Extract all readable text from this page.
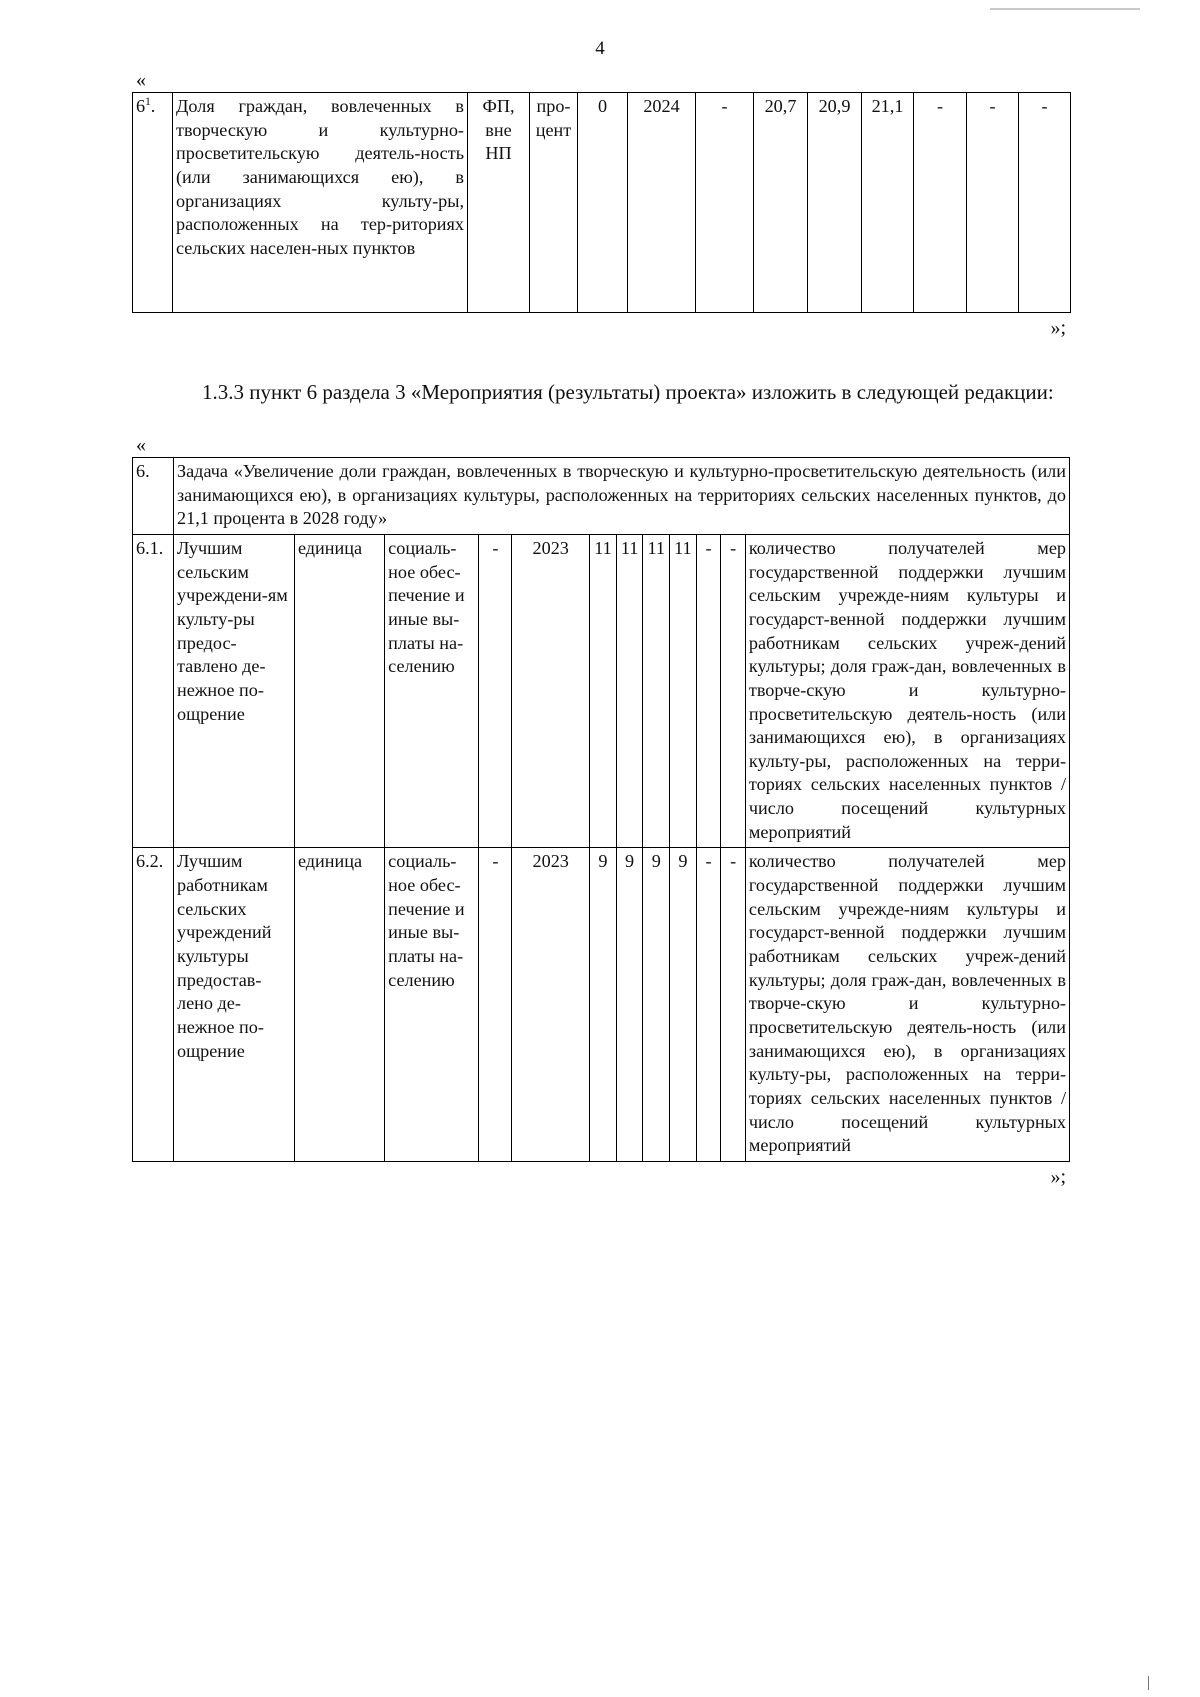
4
«
$6^1$.	Доля граждан, вовлеченных в творческую и культурно-просветительскую деятель-ность (или занимающихся ею), в организациях культу-ры, расположенных на тер-риториях сельских населен-ных пунктов	ФП, вне НП	про-цент	0	2024	-	20,7	20,9	21,1	-	-	-
»;

1.3.3 пункт 6 раздела 3 «Мероприятия (результаты) проекта» изложить в следующей редакции:

«
6.	Задача «Увеличение доли граждан, вовлеченных в творческую и культурно-просветительскую деятельность (или занимающихся ею), в организациях культуры, расположенных на территориях сельских населенных пунктов, до 21,1 процента в 2028 году»											
6.1.	Лучшим сельским учреждени-ям культу-ры предос-тавлено де-нежное по-ощрение	единица	социаль-ное обес-печение и иные вы-платы на-селению	-	2023	11	11	11	11	-	-	количество получателей мер государственной поддержки лучшим сельским учрежде-ниям культуры и государст-венной поддержки лучшим работникам сельских учреж-дений культуры; доля граж-дан, вовлеченных в творче-скую и культурно-просветительскую деятель-ность (или занимающихся ею), в организациях культу-ры, расположенных на терри-ториях сельских населенных пунктов /число посещений культурных мероприятий
6.2.	Лучшим работникам сельских учреждений культуры предостав-лено де-нежное по-ощрение	единица	социаль-ное обес-печение и иные вы-платы на-селению	-	2023	9	9	9	9	-	-	количество получателей мер государственной поддержки лучшим сельским учрежде-ниям культуры и государст-венной поддержки лучшим работникам сельских учреж-дений культуры; доля граж-дан, вовлеченных в творче-скую и культурно-просветительскую деятель-ность (или занимающихся ею), в организациях культу-ры, расположенных на терри-ториях сельских населенных пунктов /число посещений культурных мероприятий
»;
